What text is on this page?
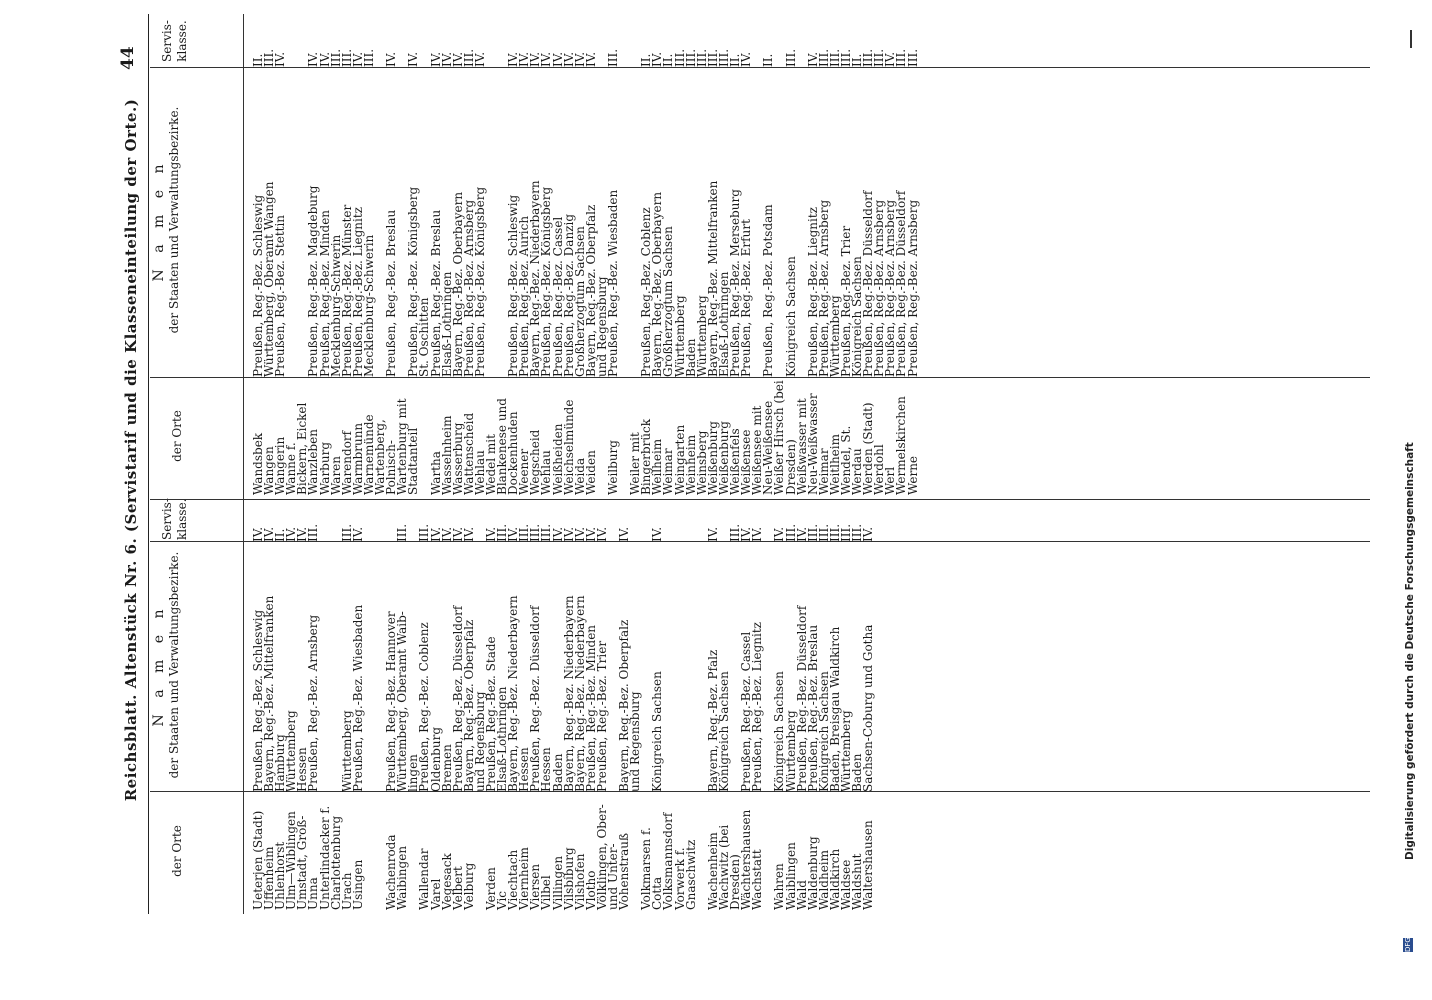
44
Reichsblatt. Altenstück Nr. 6. (Servistarif und die Klasseneinteilung der Orte.)
der Orte
N a m e n der Staaten und Verwaltungsbezirke.
Servis-klasse.
der Orte
N a m e n der Staaten und Verwaltungsbezirke.
Servis-klasse.
Ueterjen (Stadt)
Preußen, Reg.-Bez. Schleswig
IV.
Uffenheim
Bayern, Reg.-Bez. Mittelfranken
IV.
Uhlenhorst
Hamburg
II.
Ulm—Wiblingen
Württemberg
IV.
Umstadt, Groß-
Hessen
IV.
Unna
Preußen, Reg.-Bez. Arnsberg
III.
Unterlindacker f.
Charlottenburg
Urach
Württemberg
III.
Usingen
Preußen, Reg.-Bez. Wiesbaden
IV.
Wachenroda
Preußen, Reg.-Bez. Hannover
Waibingen
Württemberg, Oberamt Waib-
III.
lingen
Wallendar
Preußen, Reg.-Bez. Coblenz
III.
Varel
Oldenburg
IV.
Vegesack
Bremen
IV.
Velbert
Preußen, Reg.-Bez. Düsseldorf
IV.
Velburg
Bayern, Reg.-Bez. Oberpfalz
IV.
und Regensburg
Verden
Preußen, Reg.-Bez. Stade
IV.
Vic
Elsaß-Lothringen
III.
Viechtach
Bayern, Reg.-Bez. Niederbayern
IV.
Viernheim
Hessen
III.
Viersen
Preußen, Reg.-Bez. Düsseldorf
III.
Vilbel
Hessen
III.
Villingen
Baden
IV.
Vilsbiburg
Bayern, Reg.-Bez. Niederbayern
IV.
Vilshofen
Bayern, Reg.-Bez. Niederbayern
IV.
Vlotho
Preußen, Reg.-Bez. Minden
IV.
Völklingen, Ober-
Preußen, Reg.-Bez. Trier
IV.
und Unter-
Vohenstrauß
Bayern, Reg.-Bez. Oberpfalz
IV.
und Regensburg
Volkmarsen f.
Cotta
Königreich Sachsen
IV.
Volksmannsdorf
Vorwerk f.
Gnaschwitz Wachenheim
Bayern, Reg.-Bez. Pfalz
IV.
Wachwitz (bei
Königreich Sachsen
Dresden)
III.
Wächtershausen
Preußen, Reg.-Bez. Cassel
IV.
Wachstatt
Preußen, Reg.-Bez. Liegnitz
IV.
Wahren
Königreich Sachsen
IV.
Waiblingen
Württemberg
III.
Wald
Preußen, Reg.-Bez. Düsseldorf
IV.
Waldenburg
Preußen, Reg.-Bez. Breslau
III.
Waldheim
Königreich Sachsen
III.
Waldkirch
Baden, Breisgau Waldkirch
III.
Waldsee
Württemberg
III.
Waldshut
Baden
III.
Waltershausen
Sachsen-Coburg und Gotha
IV.
Wandsbek
Preußen, Reg.-Bez. Schleswig
II.
Wangen
Württemberg, Oberamt Wangen
III.
Wangerin
Preußen, Reg.-Bez. Stettin
IV.
Wanne f.
Bickern, Eickel
Wanzleben
Preußen, Reg.-Bez. Magdeburg
IV.
Warburg
Preußen, Reg.-Bez. Minden
IV.
Waren
Mecklenburg-Schwerin
III.
Warendorf
Preußen, Reg.-Bez. Münster
III.
Warmbrunn
Preußen, Reg.-Bez. Liegnitz
IV.
Warnemünde
Mecklenburg-Schwerin
III.
Wartenberg,
Polnisch-
Preußen, Reg.-Bez. Breslau
IV.
Wartenburg mit
Stadtanteil
Preußen, Reg.-Bez. Königsberg
IV.
St. Oschitten
Wartha
Preußen, Reg.-Bez. Breslau
IV.
Wasselnheim
Elsaß-Lothringen
IV.
Wasserburg
Bayern, Reg.-Bez. Oberbayern
IV.
Wattenscheid
Preußen, Reg.-Bez. Arnsberg
III.
Wehlau
Preußen, Reg.-Bez. Königsberg
IV.
Wedel mit
Blankenese und
Dockenhuden
Preußen, Reg.-Bez. Schleswig
IV.
Weener
Preußen, Reg.-Bez. Aurich
IV.
Wegscheid
Bayern, Reg.-Bez. Niederbayern
IV.
Wehlau
Preußen, Reg.-Bez. Königsberg
IV.
Weißheiden
Preußen, Reg.-Bez. Cassel
IV.
Weichselmünde
Preußen, Reg.-Bez. Danzig
IV.
Weida
Großherzogtum Sachsen
IV.
Weiden
Bayern, Reg.-Bez. Oberpfalz
IV.
und Regensburg
Weilburg
Preußen, Reg.-Bez. Wiesbaden
III.
Weiler mit
Bingerbrück
Preußen, Reg.-Bez. Coblenz
II.
Weilheim
Bayern, Reg.-Bez. Oberbayern
IV.
Weimar
Großherzogtum Sachsen
II.
Weingarten
Württemberg
III.
Weinheim
Baden
III.
Weinsberg
Württemberg
III.
Weißenburg
Bayern, Reg.-Bez. Mittelfranken
III.
Weißenburg
Elsaß-Lothringen
III.
Weißenfels
Preußen, Reg.-Bez. Merseburg
II.
Weißensee
Preußen, Reg.-Bez. Erfurt
IV.
Weißensee mit
Neu-Weißensee
Preußen, Reg.-Bez. Potsdam
II.
Weißer Hirsch (bei
Dresden)
Königreich Sachsen
III.
Weißwasser mit
Neu-Weißwasser
Preußen, Reg.-Bez. Liegnitz
IV.
Weimar
Preußen, Reg.-Bez. Arnsberg
III.
Weitlheim
Württemberg
III.
Wendel, St.
Preußen, Reg.-Bez. Trier
III.
Werdau
Königreich Sachsen
II.
Werden (Stadt)
Preußen, Reg.-Bez. Düsseldorf
III.
Werdohl
Preußen, Reg.-Bez. Arnsberg
III.
Werl
Preußen, Reg.-Bez. Arnsberg
IV.
Wermelskirchen
Preußen, Reg.-Bez. Düsseldorf
III.
Werne
Preußen, Reg.-Bez. Arnsberg
III.
Digitalisierung gefördert durch die Deutsche Forschungsgemeinschaft
DFG
